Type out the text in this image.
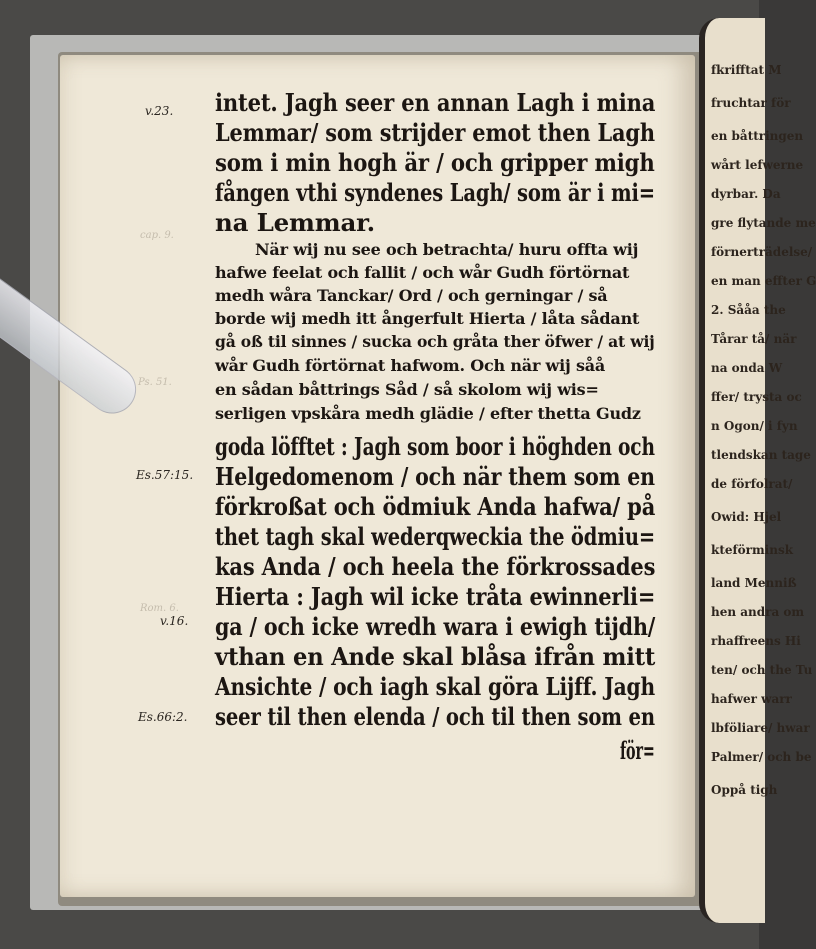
cap. 9.
Ps. 51.
Rom. 6.
fkrifftat M
fruchtar för
en båttringen
wårt lefwerne
dyrbar. Da
gre flytande me
förnerträdelse/
en man effter G
2. Sååa the
Tårar tå/ när
na onda W
ffer/ trysta oc
n Ogon/ i fyn
tlendskan tage
de förfolrat/
Owid: Hjel
kteförminsk
land Menniß
hen andra om
rhaffreens Hi
ten/ och the Tu
hafwer warr
lbföliare/ hwar
Palmer/ och be
Oppå tigh
v.23.
Es.57:15.
v.16.
Es.66:2.
intet. Jagh seer en annan Lagh i mina
Lemmar/ som strijder emot then Lagh
som i min hogh är / och gripper migh
fången vthi syndenes Lagh/ som är i mi=
na Lemmar.
När wij nu see och betrachta/ huru offta wij
hafwe feelat och fallit / och wår Gudh förtörnat
medh wåra Tanckar/ Ord / och gerningar / så
borde wij medh itt ångerfult Hierta / låta sådant
gå oß til sinnes / sucka och gråta ther öfwer / at wij
wår Gudh förtörnat hafwom. Och när wij såå
en sådan båttrings Såd / så skolom wij wis=
serligen vpskåra medh glädie / efter thetta Gudz
goda löfftet : Jagh som boor i höghden och
Helgedomenom / och när them som en
förkroßat och ödmiuk Anda hafwa/ på
thet tagh skal wederqweckia the ödmiu=
kas Anda / och heela the förkrossades
Hierta : Jagh wil icke tråta ewinnerli=
ga / och icke wredh wara i ewigh tijdh/
vthan en Ande skal blåsa ifrån mitt
Ansichte / och iagh skal göra Lijff. Jagh
seer til then elenda / och til then som en
för=
